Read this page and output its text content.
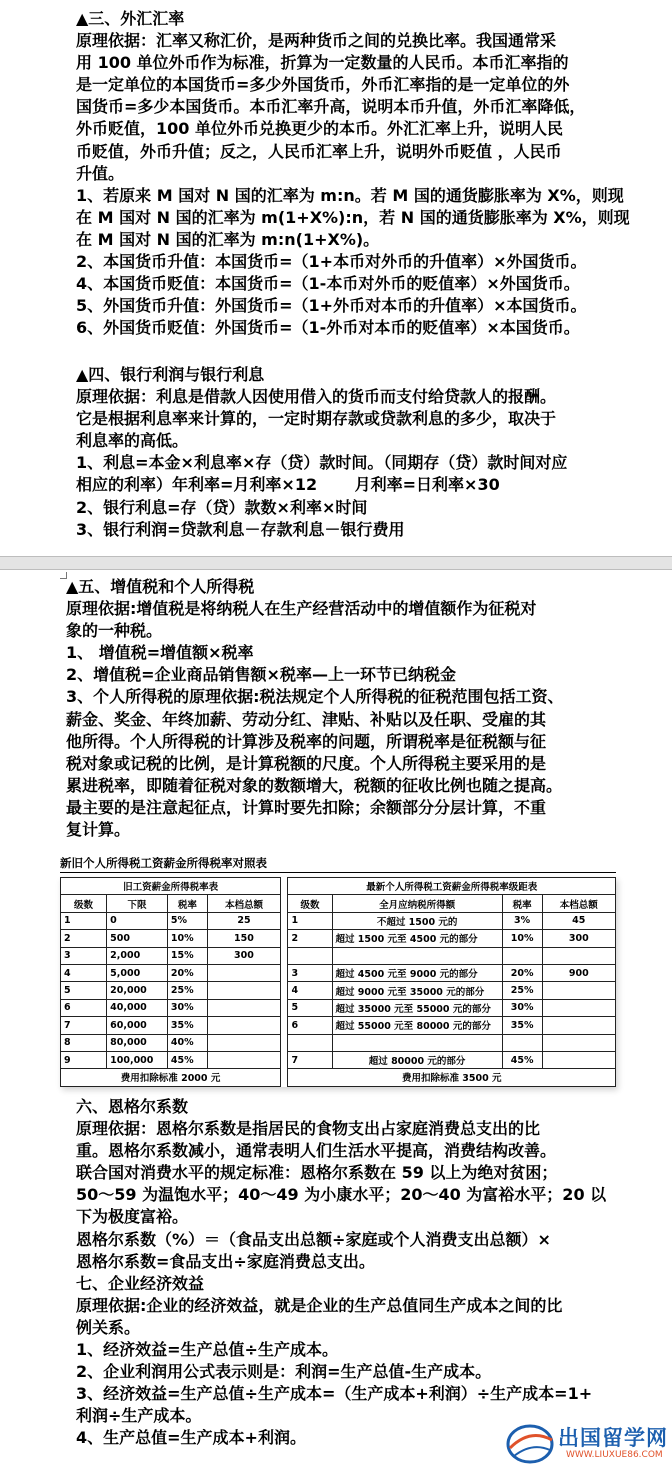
▲三、外汇汇率
原理依据：汇率又称汇价，是两种货币之间的兑换比率。我国通常采
用 100 单位外币作为标准，折算为一定数量的人民币。本币汇率指的
是一定单位的本国货币=多少外国货币，外币汇率指的是一定单位的外
国货币=多少本国货币。本币汇率升高，说明本币升值，外币汇率降低，
外币贬值，100 单位外币兑换更少的本币。外汇汇率上升，说明人民
币贬值，外币升值；反之，人民币汇率上升，说明外币贬值 ，人民币
升值。
1、若原来 M 国对 N 国的汇率为 m:n。若 M 国的通货膨胀率为 X%，则现
在 M 国对 N 国的汇率为 m(1+X%):n，若 N 国的通货膨胀率为 X%，则现
在 M 国对 N 国的汇率为 m:n(1+X%)。
2、本国货币升值：本国货币=（1+本币对外币的升值率）×外国货币。
4、本国货币贬值：本国货币=（1-本币对外币的贬值率）×外国货币。
5、外国货币升值：外国货币=（1+外币对本币的升值率）×本国货币。
6、外国货币贬值：外国货币=（1-外币对本币的贬值率）×本国货币。
▲四、银行利润与银行利息
原理依据：利息是借款人因使用借入的货币而支付给贷款人的报酬。
它是根据利息率来计算的，一定时期存款或贷款利息的多少，取决于
利息率的高低。
1、利息=本金×利息率×存（贷）款时间。（同期存（贷）款时间对应
相应的利率）年利率=月利率×12　　 月利率=日利率×30
2、银行利息=存（贷）款数×利率×时间
3、银行利润=贷款利息－存款利息－银行费用
▲五、增值税和个人所得税
原理依据:增值税是将纳税人在生产经营活动中的增值额作为征税对
象的一种税。
1、 增值税=增值额×税率
2、增值税=企业商品销售额×税率—上一环节已纳税金
3、个人所得税的原理依据:税法规定个人所得税的征税范围包括工资、
薪金、奖金、年终加薪、劳动分红、津贴、补贴以及任职、受雇的其
他所得。个人所得税的计算涉及税率的问题，所谓税率是征税额与征
税对象或记税的比例，是计算税额的尺度。个人所得税主要采用的是
累进税率，即随着征税对象的数额增大，税额的征收比例也随之提高。
最主要的是注意起征点，计算时要先扣除；余额部分分层计算，不重
复计算。
新旧个人所得税工资薪金所得税率对照表
旧工资薪金所得税率表					最新个人所得税工资薪金所得税率级距表			
级数	下限	税率	本档总额		级数	全月应纳税所得额	税率	本档总额
1	0	5%	25		1	不超过 1500 元的	3%	45
2	500	10%	150		2	超过 1500 元至 4500 元的部分	10%	300
3	2,000	15%	300					
4	5,000	20%			3	超过 4500 元至 9000 元的部分	20%	900
5	20,000	25%			4	超过 9000 元至 35000 元的部分	25%	
6	40,000	30%			5	超过 35000 元至 55000 元的部分	30%	
7	60,000	35%			6	超过 55000 元至 80000 元的部分	35%	
8	80,000	40%						
9	100,000	45%			7	超过 80000 元的部分	45%	
费用扣除标准 2000 元					费用扣除标准 3500 元			
六、恩格尔系数
原理依据：恩格尔系数是指居民的食物支出占家庭消费总支出的比
重。恩格尔系数减小，通常表明人们生活水平提高，消费结构改善。
联合国对消费水平的规定标准：恩格尔系数在 59 以上为绝对贫困；
50～59 为温饱水平；40～49 为小康水平；20～40 为富裕水平；20 以
下为极度富裕。
恩格尔系数（%）＝（食品支出总额÷家庭或个人消费支出总额）×
恩格尔系数=食品支出÷家庭消费总支出。
七、企业经济效益
原理依据:企业的经济效益，就是企业的生产总值同生产成本之间的比
例关系。
1、经济效益=生产总值÷生产成本。
2、企业利润用公式表示则是：利润=生产总值-生产成本。
3、经济效益=生产总值÷生产成本=（生产成本+利润）÷生产成本=1+
利润÷生产成本。
4、生产总值=生产成本+利润。	出国留学网
WWW.LIUXUE86.COM
